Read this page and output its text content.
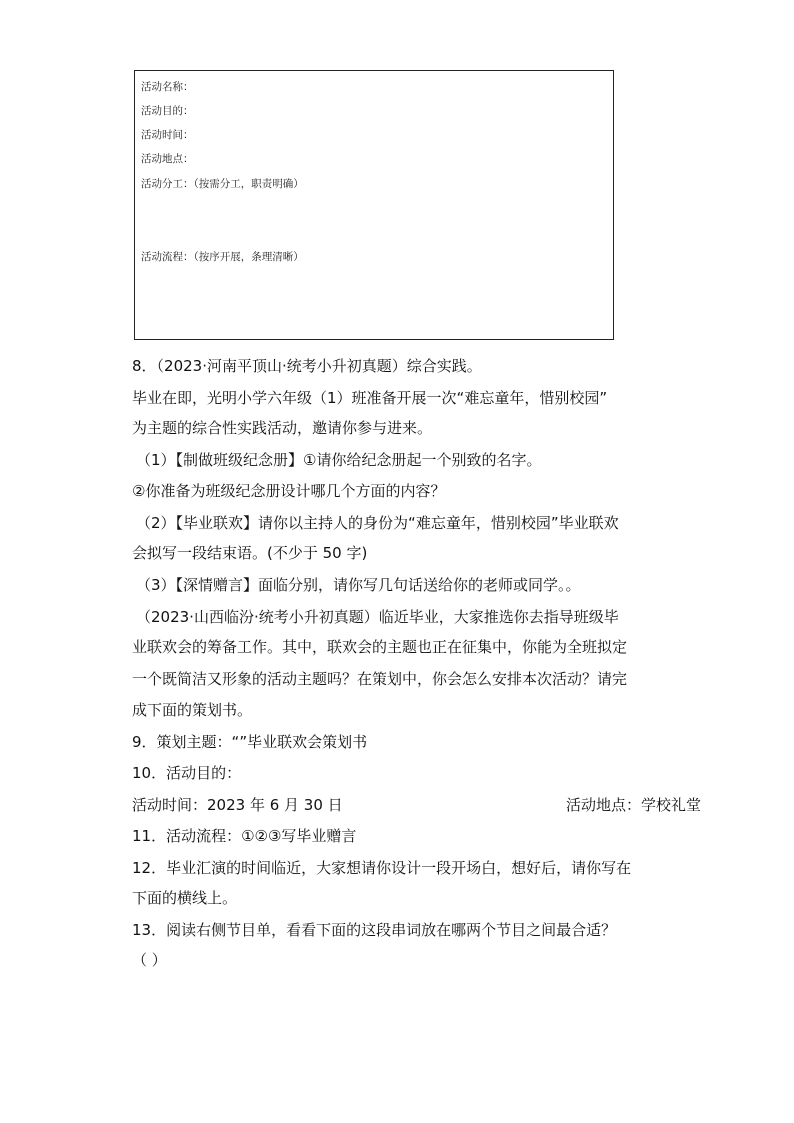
活动名称：
活动目的：
活动时间：
活动地点：
活动分工：（按需分工，职责明确）
活动流程：（按序开展，条理清晰）
8．（2023·河南平顶山·统考小升初真题）综合实践。
毕业在即，光明小学六年级（1）班准备开展一次“难忘童年，惜别校园”
为主题的综合性实践活动，邀请你参与进来。
（1）【制做班级纪念册】①请你给纪念册起一个别致的名字。
②你准备为班级纪念册设计哪几个方面的内容？
（2）【毕业联欢】请你以主持人的身份为“难忘童年，惜别校园”毕业联欢
会拟写一段结束语。(不少于 50 字)
（3）【深情赠言】面临分别，请你写几句话送给你的老师或同学。。
（2023·山西临汾·统考小升初真题）临近毕业，大家推选你去指导班级毕
业联欢会的筹备工作。其中，联欢会的主题也正在征集中，你能为全班拟定
一个既简洁又形象的活动主题吗？在策划中，你会怎么安排本次活动？请完
成下面的策划书。
9．策划主题：“”毕业联欢会策划书
10．活动目的：
活动时间：2023 年 6 月 30 日	活动地点：学校礼堂
11．活动流程：①②③写毕业赠言
12．毕业汇演的时间临近，大家想请你设计一段开场白，想好后，请你写在
下面的横线上。
13．阅读右侧节目单，看看下面的这段串词放在哪两个节目之间最合适？
（ ）
